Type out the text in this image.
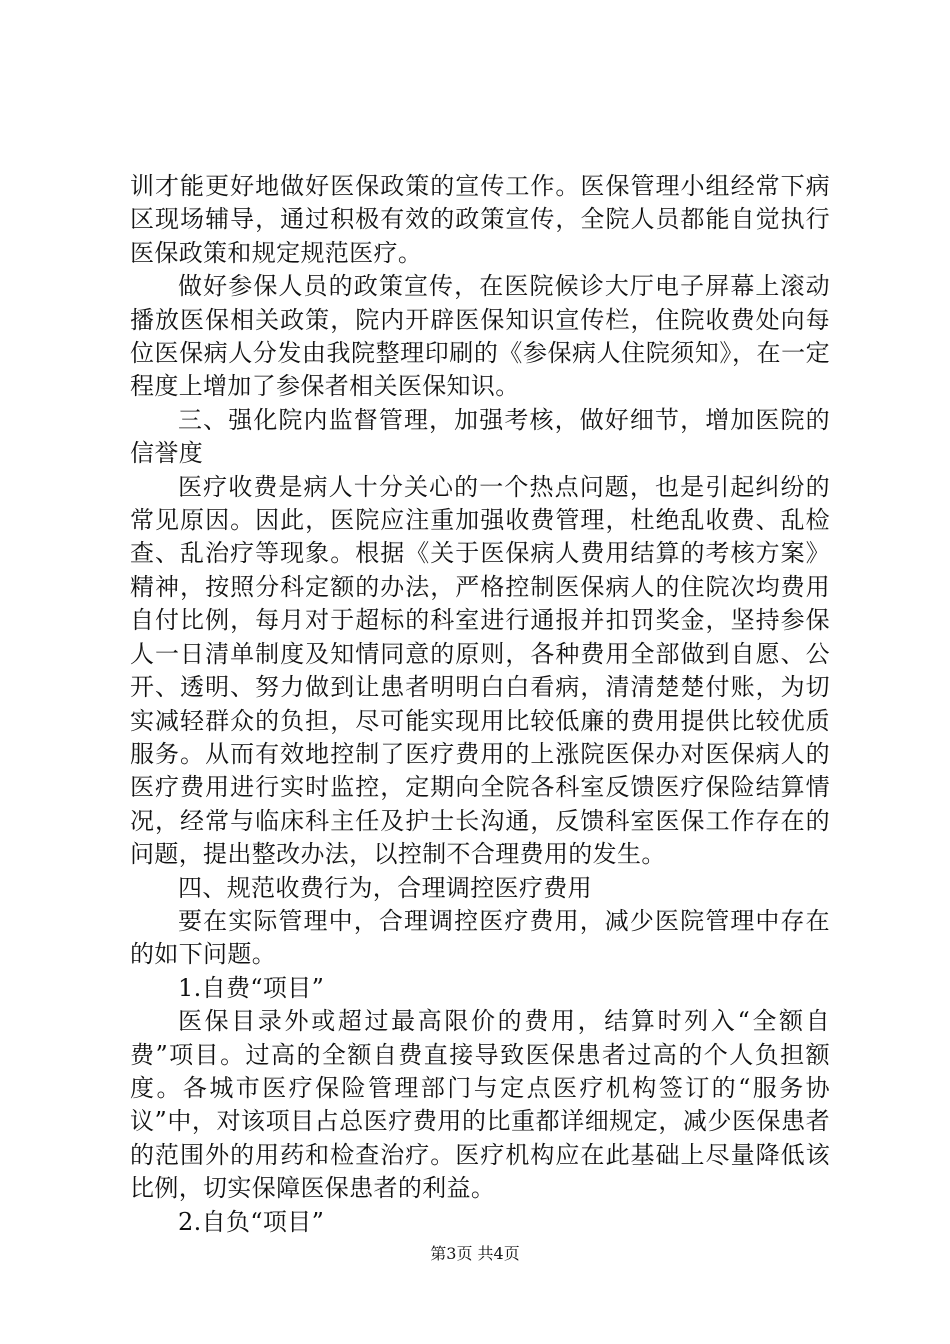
训才能更好地做好医保政策的宣传工作。医保管理小组经常下病区现场辅导，通过积极有效的政策宣传，全院人员都能自觉执行医保政策和规定规范医疗。

做好参保人员的政策宣传，在医院候诊大厅电子屏幕上滚动播放医保相关政策，院内开辟医保知识宣传栏，住院收费处向每位医保病人分发由我院整理印刷的《参保病人住院须知》，在一定程度上增加了参保者相关医保知识。

三、强化院内监督管理，加强考核，做好细节，增加医院的信誉度

医疗收费是病人十分关心的一个热点问题，也是引起纠纷的常见原因。因此，医院应注重加强收费管理，杜绝乱收费、乱检查、乱治疗等现象。根据《关于医保病人费用结算的考核方案》精神，按照分科定额的办法，严格控制医保病人的住院次均费用自付比例，每月对于超标的科室进行通报并扣罚奖金，坚持参保人一日清单制度及知情同意的原则，各种费用全部做到自愿、公开、透明、努力做到让患者明明白白看病，清清楚楚付账，为切实减轻群众的负担，尽可能实现用比较低廉的费用提供比较优质服务。从而有效地控制了医疗费用的上涨院医保办对医保病人的医疗费用进行实时监控，定期向全院各科室反馈医疗保险结算情况，经常与临床科主任及护士长沟通，反馈科室医保工作存在的问题，提出整改办法，以控制不合理费用的发生。

四、规范收费行为，合理调控医疗费用

要在实际管理中，合理调控医疗费用，减少医院管理中存在的如下问题。

1.自费“项目”

医保目录外或超过最高限价的费用，结算时列入“全额自费”项目。过高的全额自费直接导致医保患者过高的个人负担额度。各城市医疗保险管理部门与定点医疗机构签订的“服务协议”中，对该项目占总医疗费用的比重都详细规定，减少医保患者的范围外的用药和检查治疗。医疗机构应在此基础上尽量降低该比例，切实保障医保患者的利益。

2.自负“项目”

第3页 共4页
